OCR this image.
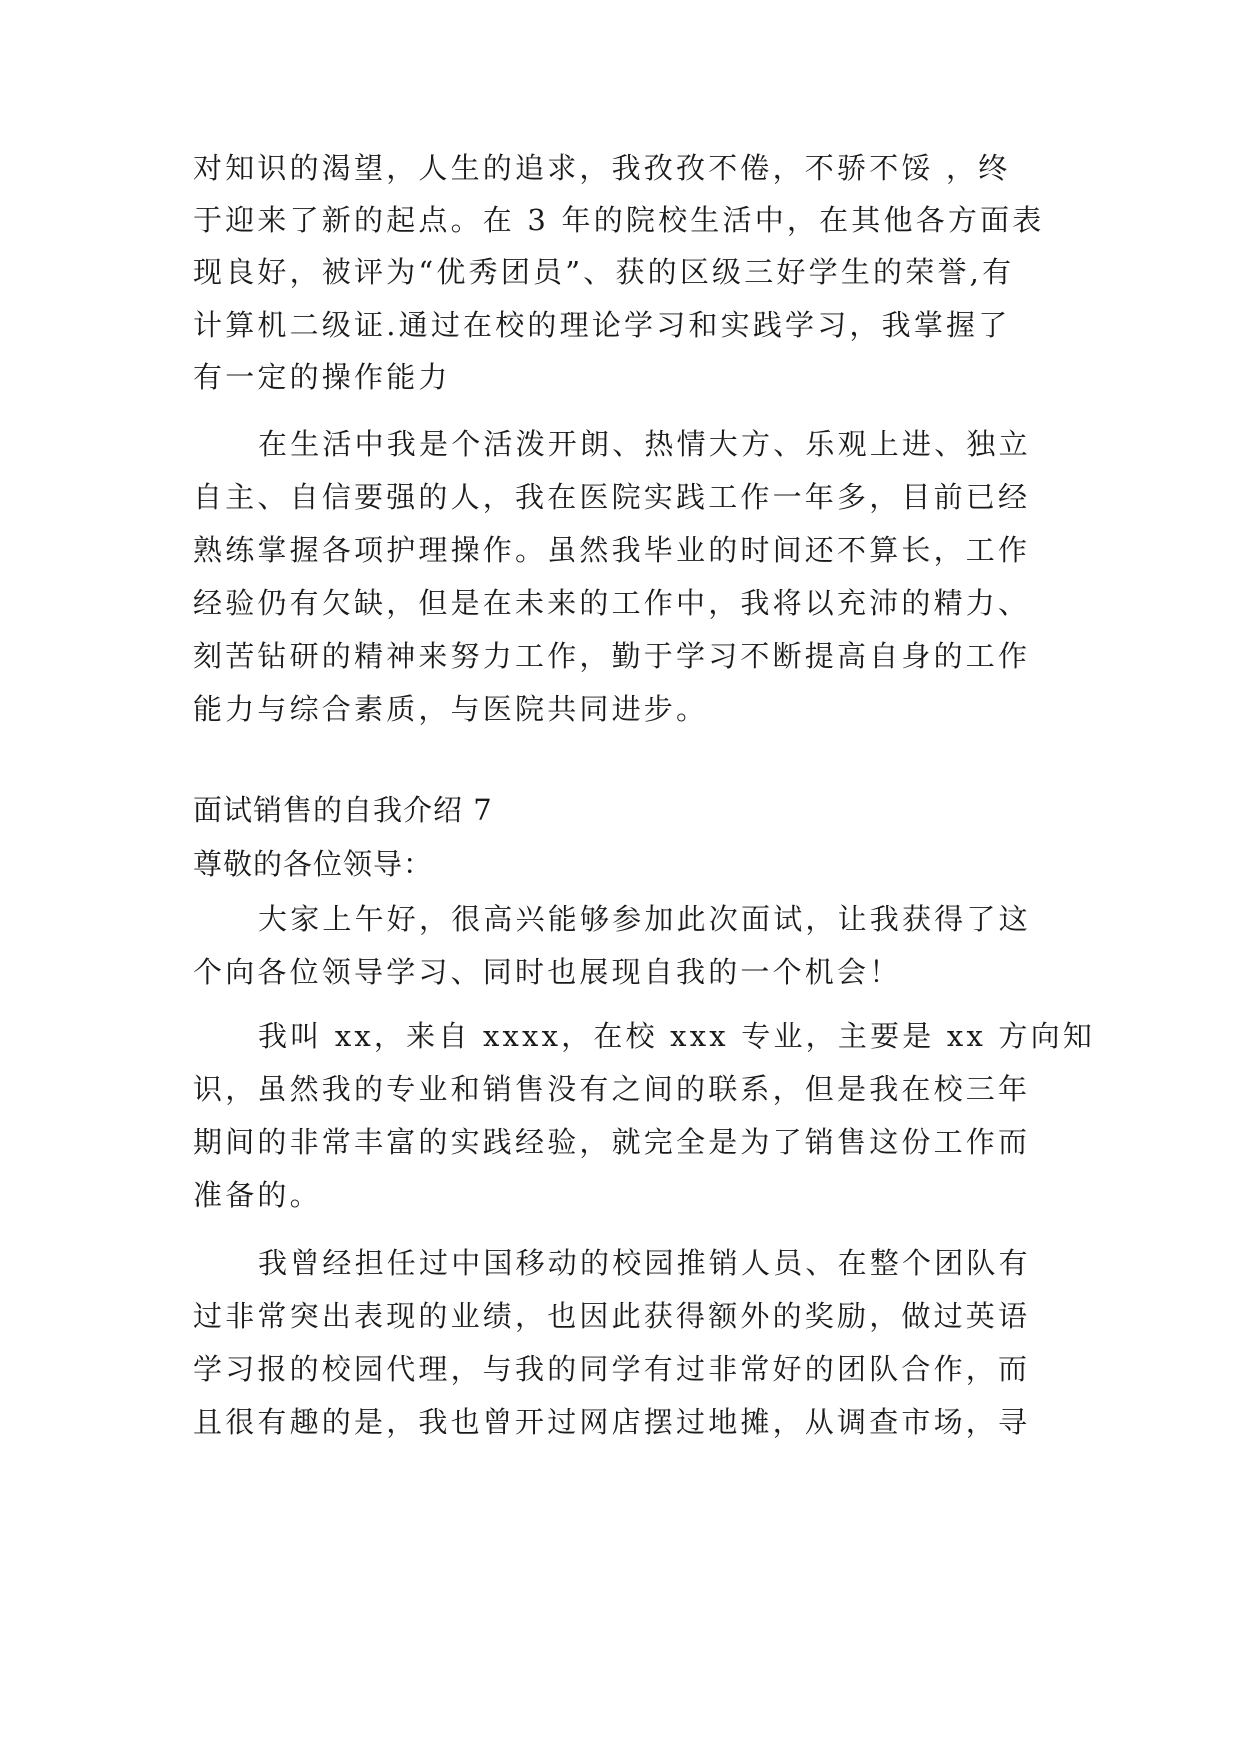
对知识的渴望，人生的追求，我孜孜不倦，不骄不馁 ，终
于迎来了新的起点。在 3 年的院校生活中，在其他各方面表
现良好，被评为“优秀团员”、获的区级三好学生的荣誉,有
计算机二级证.通过在校的理论学习和实践学习，我掌握了
有一定的操作能力
在生活中我是个活泼开朗、热情大方、乐观上进、独立
自主、自信要强的人，我在医院实践工作一年多，目前已经
熟练掌握各项护理操作。虽然我毕业的时间还不算长，工作
经验仍有欠缺，但是在未来的工作中，我将以充沛的精力、
刻苦钻研的精神来努力工作，勤于学习不断提高自身的工作
能力与综合素质，与医院共同进步。
面试销售的自我介绍 7
尊敬的各位领导：
大家上午好，很高兴能够参加此次面试，让我获得了这
个向各位领导学习、同时也展现自我的一个机会！
我叫 xx，来自 xxxx，在校 xxx 专业，主要是 xx 方向知
识，虽然我的专业和销售没有之间的联系，但是我在校三年
期间的非常丰富的实践经验，就完全是为了销售这份工作而
准备的。
我曾经担任过中国移动的校园推销人员、在整个团队有
过非常突出表现的业绩，也因此获得额外的奖励，做过英语
学习报的校园代理，与我的同学有过非常好的团队合作，而
且很有趣的是，我也曾开过网店摆过地摊，从调查市场，寻
